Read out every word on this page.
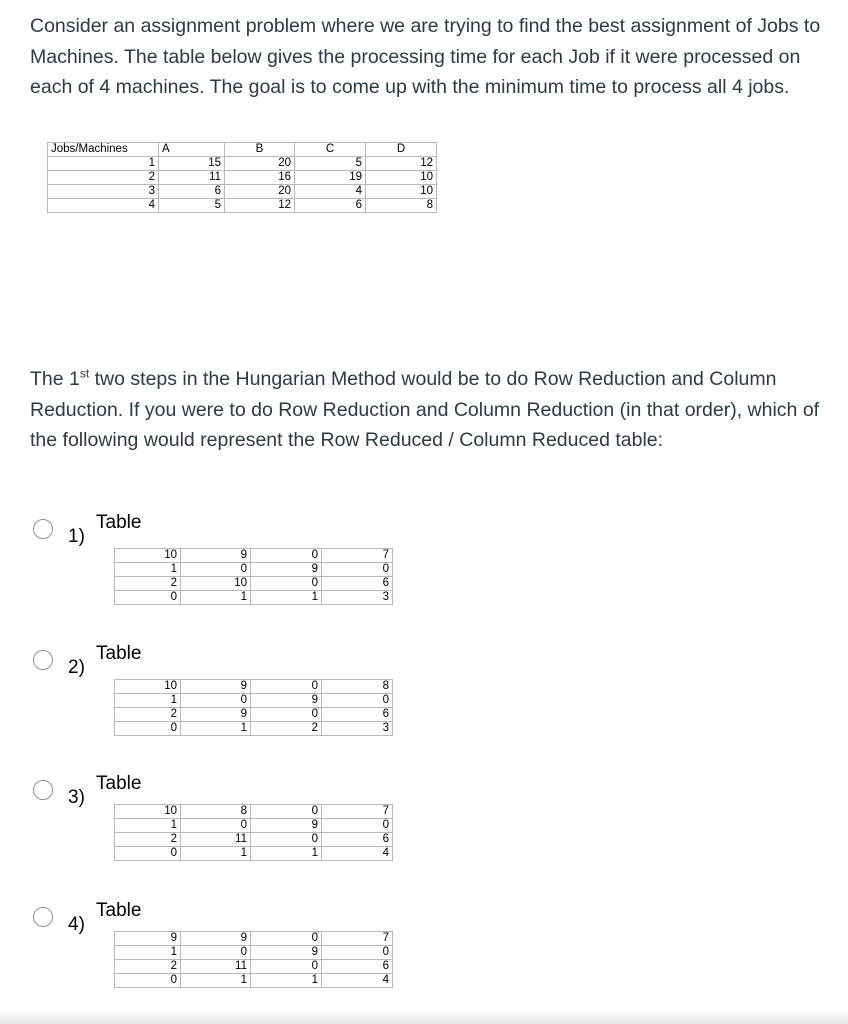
Consider an assignment problem where we are trying to find the best assignment of Jobs to Machines. The table below gives the processing time for each Job if it were processed on each of 4 machines. The goal is to come up with the minimum time to process all 4 jobs.

Jobs/Machines	A	B	C	D
1	15	20	5	12
2	11	16	19	10
3	6	20	4	10
4	5	12	6	8

The 1st two steps in the Hungarian Method would be to do Row Reduction and Column Reduction. If you were to do Row Reduction and Column Reduction (in that order), which of the following would represent the Row Reduced / Column Reduced table:

1)
Table
10	9	0	7
1	0	9	0
2	10	0	6
0	1	1	3
2)
Table
10	9	0	8
1	0	9	0
2	9	0	6
0	1	2	3
3)
Table
10	8	0	7
1	0	9	0
2	11	0	6
0	1	1	4
4)
Table
9	9	0	7
1	0	9	0
2	11	0	6
0	1	1	4
